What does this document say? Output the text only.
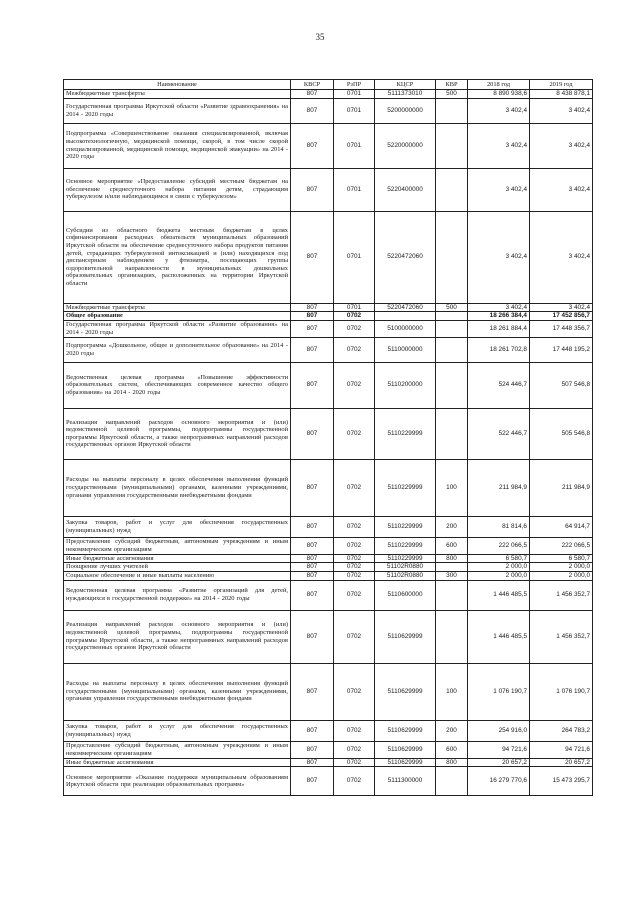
35
Наименование	КВСР	РзПР	КЦСР	КВР	2018 год	2019 год
Межбюджетные трансферты	807	0701	5111373010	500	8 890 938,6	8 438 878,1
Государственная программа Иркутской области «Развитие здравоохранения» на 2014 - 2020 годы	807	0701	5200000000		3 402,4	3 402,4
Подпрограмма «Совершенствование оказания специализированной, включая высокотехнологичную, медицинской помощи, скорой, в том числе скорой специализированной, медицинской помощи, медицинской эвакуации» на 2014 - 2020 годы	807	0701	5220000000		3 402,4	3 402,4
Основное мероприятие «Предоставление субсидий местным бюджетам на обеспечение среднесуточного набора питания детям, страдающим туберкулезом и/или наблюдающимся в связи с туберкулезом»	807	0701	5220400000		3 402,4	3 402,4
Субсидии из областного бюджета местным бюджетам в целях софинансирования расходных обязательств муниципальных образований Иркутской области на обеспечение среднесуточного набора продуктов питания детей, страдающих туберкулезной интоксикацией и (или) находящихся под диспансерным наблюдением у фтизиатра, посещающих группы оздоровительной направленности в муниципальных дошкольных образовательных организациях, расположенных на территории Иркутской области	807	0701	5220472060		3 402,4	3 402,4
Межбюджетные трансферты	807	0701	5220472060	500	3 402,4	3 402,4
Общее образование	807	0702			18 266 384,4	17 452 856,7
Государственная программа Иркутской области «Развитие образования» на 2014 - 2020 годы	807	0702	5100000000		18 261 884,4	17 448 356,7
Подпрограмма «Дошкольное, общее и дополнительное образование» на 2014 - 2020 годы	807	0702	5110000000		18 261 702,8	17 448 195,2
Ведомственная целевая программа «Повышение эффективности образовательных систем, обеспечивающих современное качество общего образования» на 2014 - 2020 годы	807	0702	5110200000		524 446,7	507 546,8
Реализация направлений расходов основного мероприятия и (или) ведомственной целевой программы, подпрограммы государственной программы Иркутской области, а также непрограммных направлений расходов государственных органов Иркутской области	807	0702	5110229999		522 446,7	505 546,8
Расходы на выплаты персоналу в целях обеспечения выполнения функций государственными (муниципальными) органами, казенными учреждениями, органами управления государственными внебюджетными фондами	807	0702	5110229999	100	211 984,9	211 984,9
Закупка товаров, работ и услуг для обеспечения государственных (муниципальных) нужд	807	0702	5110229999	200	81 814,6	64 914,7
Предоставление субсидий бюджетным, автономным учреждениям и иным некоммерческим организациям	807	0702	5110229999	600	222 066,5	222 066,5
Иные бюджетные ассигнования	807	0702	5110229999	800	6 580,7	6 580,7
Поощрение лучших учителей	807	0702	51102R0880		2 000,0	2 000,0
Социальное обеспечение и иные выплаты населению	807	0702	51102R0880	300	2 000,0	2 000,0
Ведомственная целевая программа «Развитие организаций для детей, нуждающихся в государственной поддержке» на 2014 - 2020 годы	807	0702	5110600000		1 446 485,5	1 456 352,7
Реализация направлений расходов основного мероприятия и (или) ведомственной целевой программы, подпрограммы государственной программы Иркутской области, а также непрограммных направлений расходов государственных органов Иркутской области	807	0702	5110629999		1 446 485,5	1 456 352,7
Расходы на выплаты персоналу в целях обеспечения выполнения функций государственными (муниципальными) органами, казенными учреждениями, органами управления государственными внебюджетными фондами	807	0702	5110629999	100	1 076 190,7	1 076 190,7
Закупка товаров, работ и услуг для обеспечения государственных (муниципальных) нужд	807	0702	5110629999	200	254 916,0	264 783,2
Предоставление субсидий бюджетным, автономным учреждениям и иным некоммерческим организациям	807	0702	5110629999	600	94 721,6	94 721,6
Иные бюджетные ассигнования	807	0702	5110629999	800	20 657,2	20 657,2
Основное мероприятие «Оказание поддержки муниципальным образованиям Иркутской области при реализации образовательных программ»	807	0702	5111300000		16 279 770,6	15 473 295,7
